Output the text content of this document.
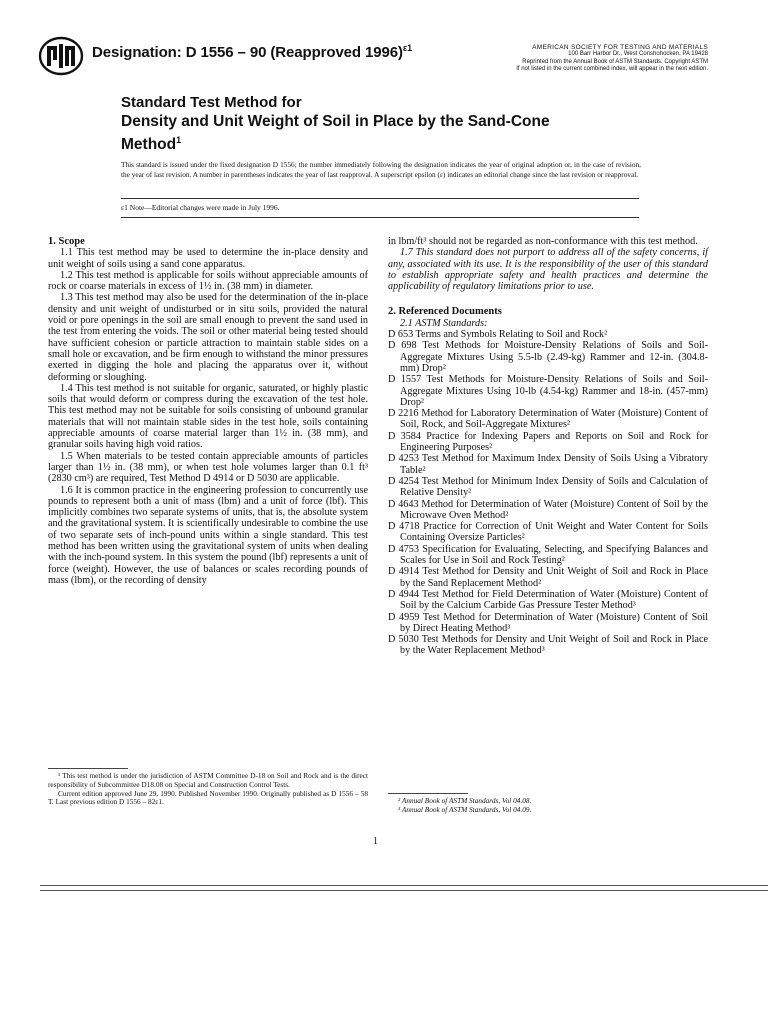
Designation: D 1556 – 90 (Reapproved 1996)$^{\varepsilon 1}$	AMERICAN SOCIETY FOR TESTING AND MATERIALS
100 Barr Harbor Dr., West Conshohocken, PA 19428
Reprinted from the Annual Book of ASTM Standards. Copyright ASTM
If not listed in the current combined index, will appear in the next edition.
Standard Test Method for
Density and Unit Weight of Soil in Place by the Sand-Cone
Method$^1$
This standard is issued under the fixed designation D 1556; the number immediately following the designation indicates the year of original adoption or, in the case of revision, the year of last revision. A number in parentheses indicates the year of last reapproval. A superscript epsilon (ε) indicates an editorial change since the last revision or reapproval.
ε1 Note—Editorial changes were made in July 1996.

1. Scope

1.1 This test method may be used to determine the in-place density and unit weight of soils using a sand cone apparatus.

1.2 This test method is applicable for soils without appreciable amounts of rock or coarse materials in excess of 1½ in. (38 mm) in diameter.

1.3 This test method may also be used for the determination of the in-place density and unit weight of undisturbed or in situ soils, provided the natural void or pore openings in the soil are small enough to prevent the sand used in the test from entering the voids. The soil or other material being tested should have sufficient cohesion or particle attraction to maintain stable sides on a small hole or excavation, and be firm enough to withstand the minor pressures exerted in digging the hole and placing the apparatus over it, without deforming or sloughing.

1.4 This test method is not suitable for organic, saturated, or highly plastic soils that would deform or compress during the excavation of the test hole. This test method may not be suitable for soils consisting of unbound granular materials that will not maintain stable sides in the test hole, soils containing appreciable amounts of coarse material larger than 1½ in. (38 mm), and granular soils having high void ratios.

1.5 When materials to be tested contain appreciable amounts of particles larger than 1½ in. (38 mm), or when test hole volumes larger than 0.1 ft³ (2830 cm³) are required, Test Method D 4914 or D 5030 are applicable.

1.6 It is common practice in the engineering profession to concurrently use pounds to represent both a unit of mass (lbm) and a unit of force (lbf). This implicitly combines two separate systems of units, that is, the absolute system and the gravitational system. It is scientifically undesirable to combine the use of two separate sets of inch-pound units within a single standard. This test method has been written using the gravitational system of units when dealing with the inch-pound system. In this system the pound (lbf) represents a unit of force (weight). However, the use of balances or scales recording pounds of mass (lbm), or the recording of density

in lbm/ft³ should not be regarded as non-conformance with this test method.

1.7 This standard does not purport to address all of the safety concerns, if any, associated with its use. It is the responsibility of the user of this standard to establish appropriate safety and health practices and determine the applicability of regulatory limitations prior to use.

2. Referenced Documents

2.1 ASTM Standards:

D 653 Terms and Symbols Relating to Soil and Rock²

D 698 Test Methods for Moisture-Density Relations of Soils and Soil-Aggregate Mixtures Using 5.5-lb (2.49-kg) Rammer and 12-in. (304.8-mm) Drop²

D 1557 Test Methods for Moisture-Density Relations of Soils and Soil-Aggregate Mixtures Using 10-lb (4.54-kg) Rammer and 18-in. (457-mm) Drop²

D 2216 Method for Laboratory Determination of Water (Moisture) Content of Soil, Rock, and Soil-Aggregate Mixtures²

D 3584 Practice for Indexing Papers and Reports on Soil and Rock for Engineering Purposes²

D 4253 Test Method for Maximum Index Density of Soils Using a Vibratory Table²

D 4254 Test Method for Minimum Index Density of Soils and Calculation of Relative Density²

D 4643 Method for Determination of Water (Moisture) Content of Soil by the Microwave Oven Method²

D 4718 Practice for Correction of Unit Weight and Water Content for Soils Containing Oversize Particles²

D 4753 Specification for Evaluating, Selecting, and Specifying Balances and Scales for Use in Soil and Rock Testing²

D 4914 Test Method for Density and Unit Weight of Soil and Rock in Place by the Sand Replacement Method²

D 4944 Test Method for Field Determination of Water (Moisture) Content of Soil by the Calcium Carbide Gas Pressure Tester Method³

D 4959 Test Method for Determination of Water (Moisture) Content of Soil by Direct Heating Method³

D 5030 Test Methods for Density and Unit Weight of Soil and Rock in Place by the Water Replacement Method³

¹ This test method is under the jurisdiction of ASTM Committee D-18 on Soil and Rock and is the direct responsibility of Subcommittee D18.08 on Special and Construction Control Tests.

Current edition approved June 29, 1990. Published November 1990. Originally published as D 1556 – 58 T. Last previous edition D 1556 – 82ε1.	² Annual Book of ASTM Standards, Vol 04.08.

³ Annual Book of ASTM Standards, Vol 04.09.

1
